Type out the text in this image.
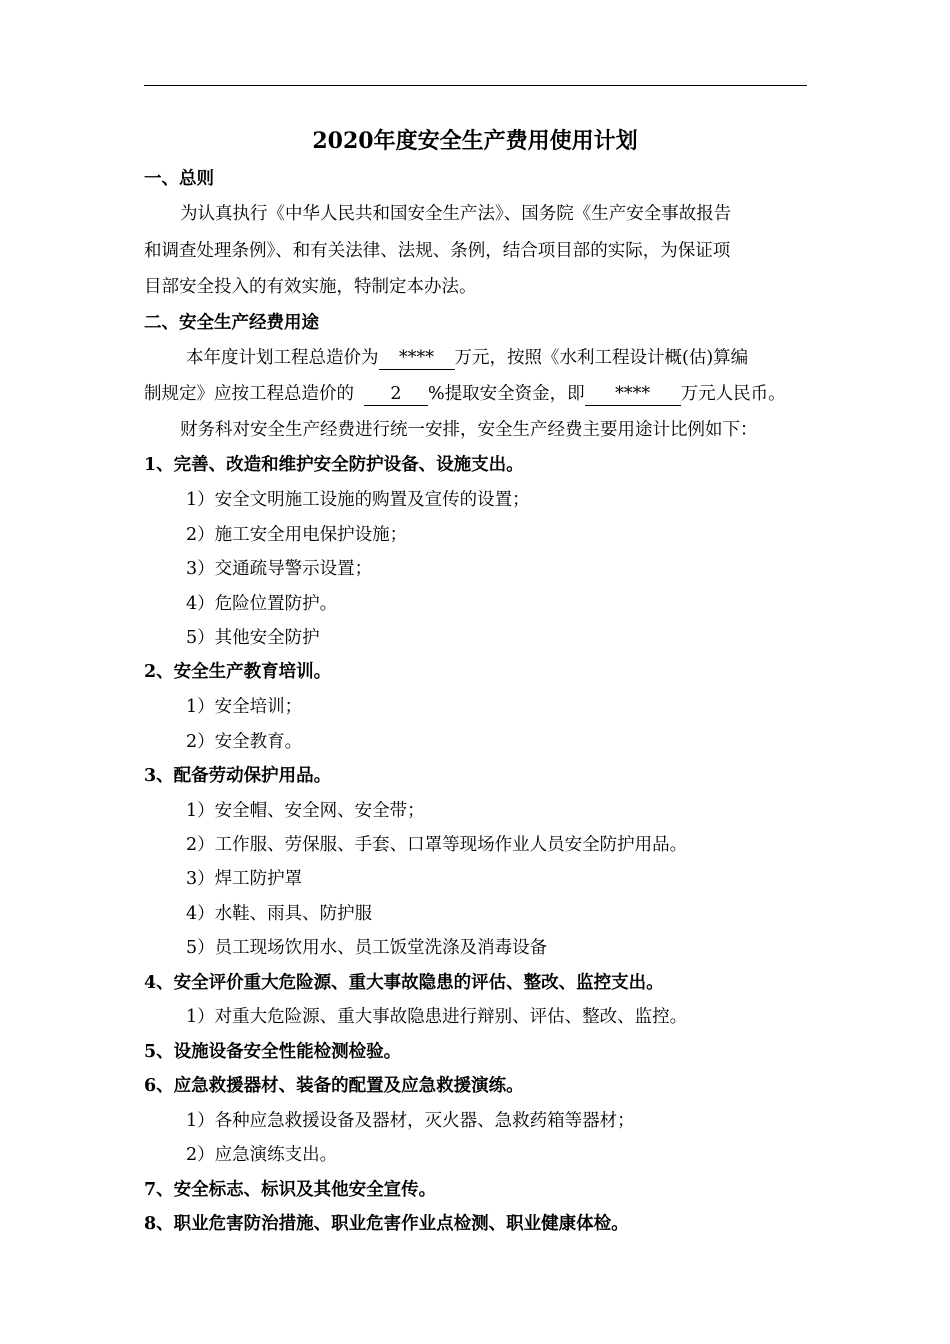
2020年度安全生产费用使用计划
一、总则
为认真执行《中华人民共和国安全生产法》、国务院《生产安全事故报告
和调查处理条例》、和有关法律、法规、条例，结合项目部的实际，为保证项
目部安全投入的有效实施，特制定本办法。
二、安全生产经费用途
本年度计划工程总造价为 **** 万元，按照《水利工程设计概(估)算编
制规定》应按工程总造价的 2 %提取安全资金，即 **** 万元人民币。
财务科对安全生产经费进行统一安排，安全生产经费主要用途计比例如下：
1、完善、改造和维护安全防护设备、设施支出。
1）安全文明施工设施的购置及宣传的设置；
2）施工安全用电保护设施；
3）交通疏导警示设置；
4）危险位置防护。
5）其他安全防护
2、安全生产教育培训。
1）安全培训；
2）安全教育。
3、配备劳动保护用品。
1）安全帽、安全网、安全带；
2）工作服、劳保服、手套、口罩等现场作业人员安全防护用品。
3）焊工防护罩
4）水鞋、雨具、防护服
5）员工现场饮用水、员工饭堂洗涤及消毒设备
4、安全评价重大危险源、重大事故隐患的评估、整改、监控支出。
1）对重大危险源、重大事故隐患进行辩别、评估、整改、监控。
5、设施设备安全性能检测检验。
6、应急救援器材、装备的配置及应急救援演练。
1）各种应急救援设备及器材，灭火器、急救药箱等器材；
2）应急演练支出。
7、安全标志、标识及其他安全宣传。
8、职业危害防治措施、职业危害作业点检测、职业健康体检。
